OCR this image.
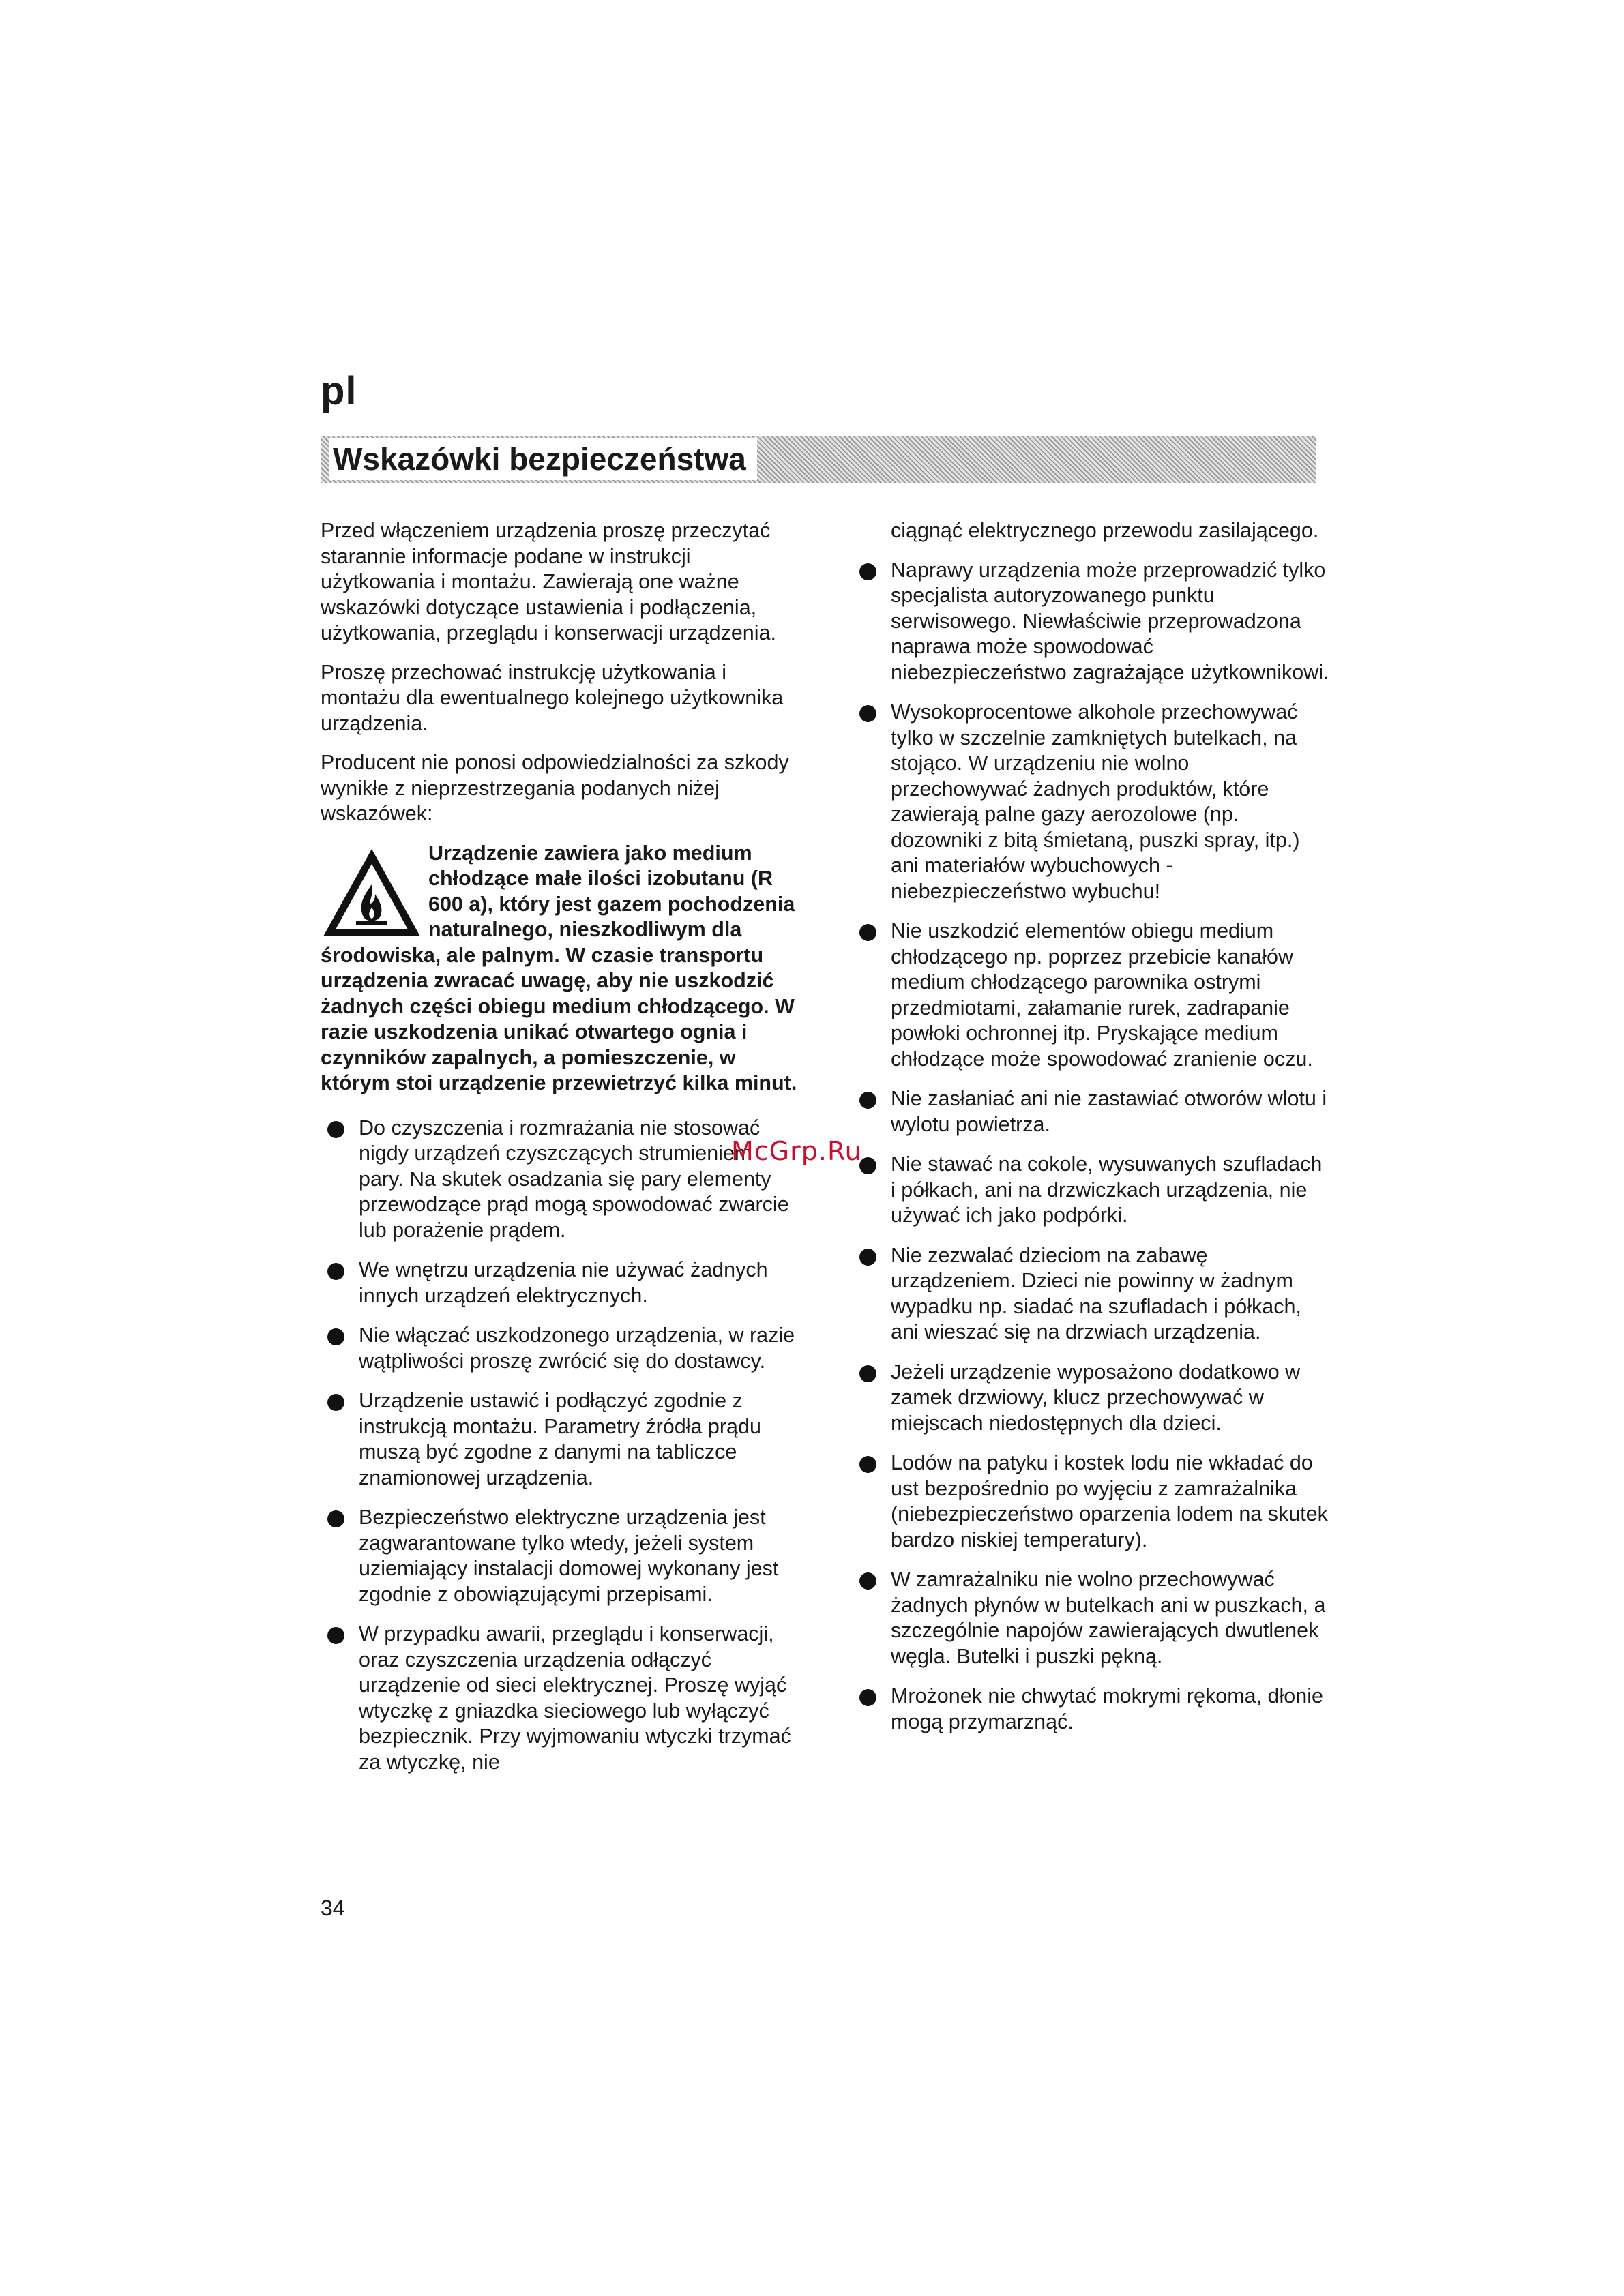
pl
Wskazówki bezpieczeństwa

Przed włączeniem urządzenia proszę przeczytać starannie informacje podane w instrukcji użytkowania i montażu. Zawierają one ważne wskazówki dotyczące ustawienia i podłączenia, użytkowania, przeglądu i konserwacji urządzenia.

Proszę przechować instrukcję użytkowania i montażu dla ewentualnego kolejnego użytkownika urządzenia.

Producent nie ponosi odpowiedzialności za szkody wynikłe z nieprzestrzegania podanych niżej wskazówek:

Urządzenie zawiera jako medium chłodzące małe ilości izobutanu (R 600 a), który jest gazem pochodzenia naturalnego, nieszkodliwym dla środowiska, ale palnym. W czasie transportu urządzenia zwracać uwagę, aby nie uszkodzić żadnych części obiegu medium chłodzącego. W razie uszkodzenia unikać otwartego ognia i czynników zapalnych, a pomieszczenie, w którym stoi urządzenie przewietrzyć kilka minut.
Do czyszczenia i rozmrażania nie stosować nigdy urządzeń czyszczących strumieniem pary. Na skutek osadzania się pary elementy przewodzące prąd mogą spowodować zwarcie lub porażenie prądem.
We wnętrzu urządzenia nie używać żadnych innych urządzeń elektrycznych.
Nie włączać uszkodzonego urządzenia, w razie wątpliwości proszę zwrócić się do dostawcy.
Urządzenie ustawić i podłączyć zgodnie z instrukcją montażu. Parametry źródła prądu muszą być zgodne z danymi na tabliczce znamionowej urządzenia.
Bezpieczeństwo elektryczne urządzenia jest zagwarantowane tylko wtedy, jeżeli system uziemiający instalacji domowej wykonany jest zgodnie z obowiązującymi przepisami.
W przypadku awarii, przeglądu i konserwacji, oraz czyszczenia urządzenia odłączyć urządzenie od sieci elektrycznej. Proszę wyjąć wtyczkę z gniazdka sieciowego lub wyłączyć bezpiecznik. Przy wyjmowaniu wtyczki trzymać za wtyczkę, nie

ciągnąć elektrycznego przewodu zasilającego.

Naprawy urządzenia może przeprowadzić tylko specjalista autoryzowanego punktu serwisowego. Niewłaściwie przeprowadzona naprawa może spowodować niebezpieczeństwo zagrażające użytkownikowi.
Wysokoprocentowe alkohole przechowywać tylko w szczelnie zamkniętych butelkach, na stojąco. W urządzeniu nie wolno przechowywać żadnych produktów, które zawierają palne gazy aerozolowe (np. dozowniki z bitą śmietaną, puszki spray, itp.) ani materiałów wybuchowych - niebezpieczeństwo wybuchu!
Nie uszkodzić elementów obiegu medium chłodzącego np. poprzez przebicie kanałów medium chłodzącego parownika ostrymi przedmiotami, załamanie rurek, zadrapanie powłoki ochronnej itp. Pryskające medium chłodzące może spowodować zranienie oczu.
Nie zasłaniać ani nie zastawiać otworów wlotu i wylotu powietrza.
Nie stawać na cokole, wysuwanych szufladach i półkach, ani na drzwiczkach urządzenia, nie używać ich jako podpórki.
Nie zezwalać dzieciom na zabawę urządzeniem. Dzieci nie powinny w żadnym wypadku np. siadać na szufladach i półkach, ani wieszać się na drzwiach urządzenia.
Jeżeli urządzenie wyposażono dodatkowo w zamek drzwiowy, klucz przechowywać w miejscach niedostępnych dla dzieci.
Lodów na patyku i kostek lodu nie wkładać do ust bezpośrednio po wyjęciu z zamrażalnika (niebezpieczeństwo oparzenia lodem na skutek bardzo niskiej temperatury).
W zamrażalniku nie wolno przechowywać żadnych płynów w butelkach ani w puszkach, a szczególnie napojów zawierających dwutlenek węgla. Butelki i puszki pękną.
Mrożonek nie chwytać mokrymi rękoma, dłonie mogą przymarznąć.
McGrp.Ru
34
